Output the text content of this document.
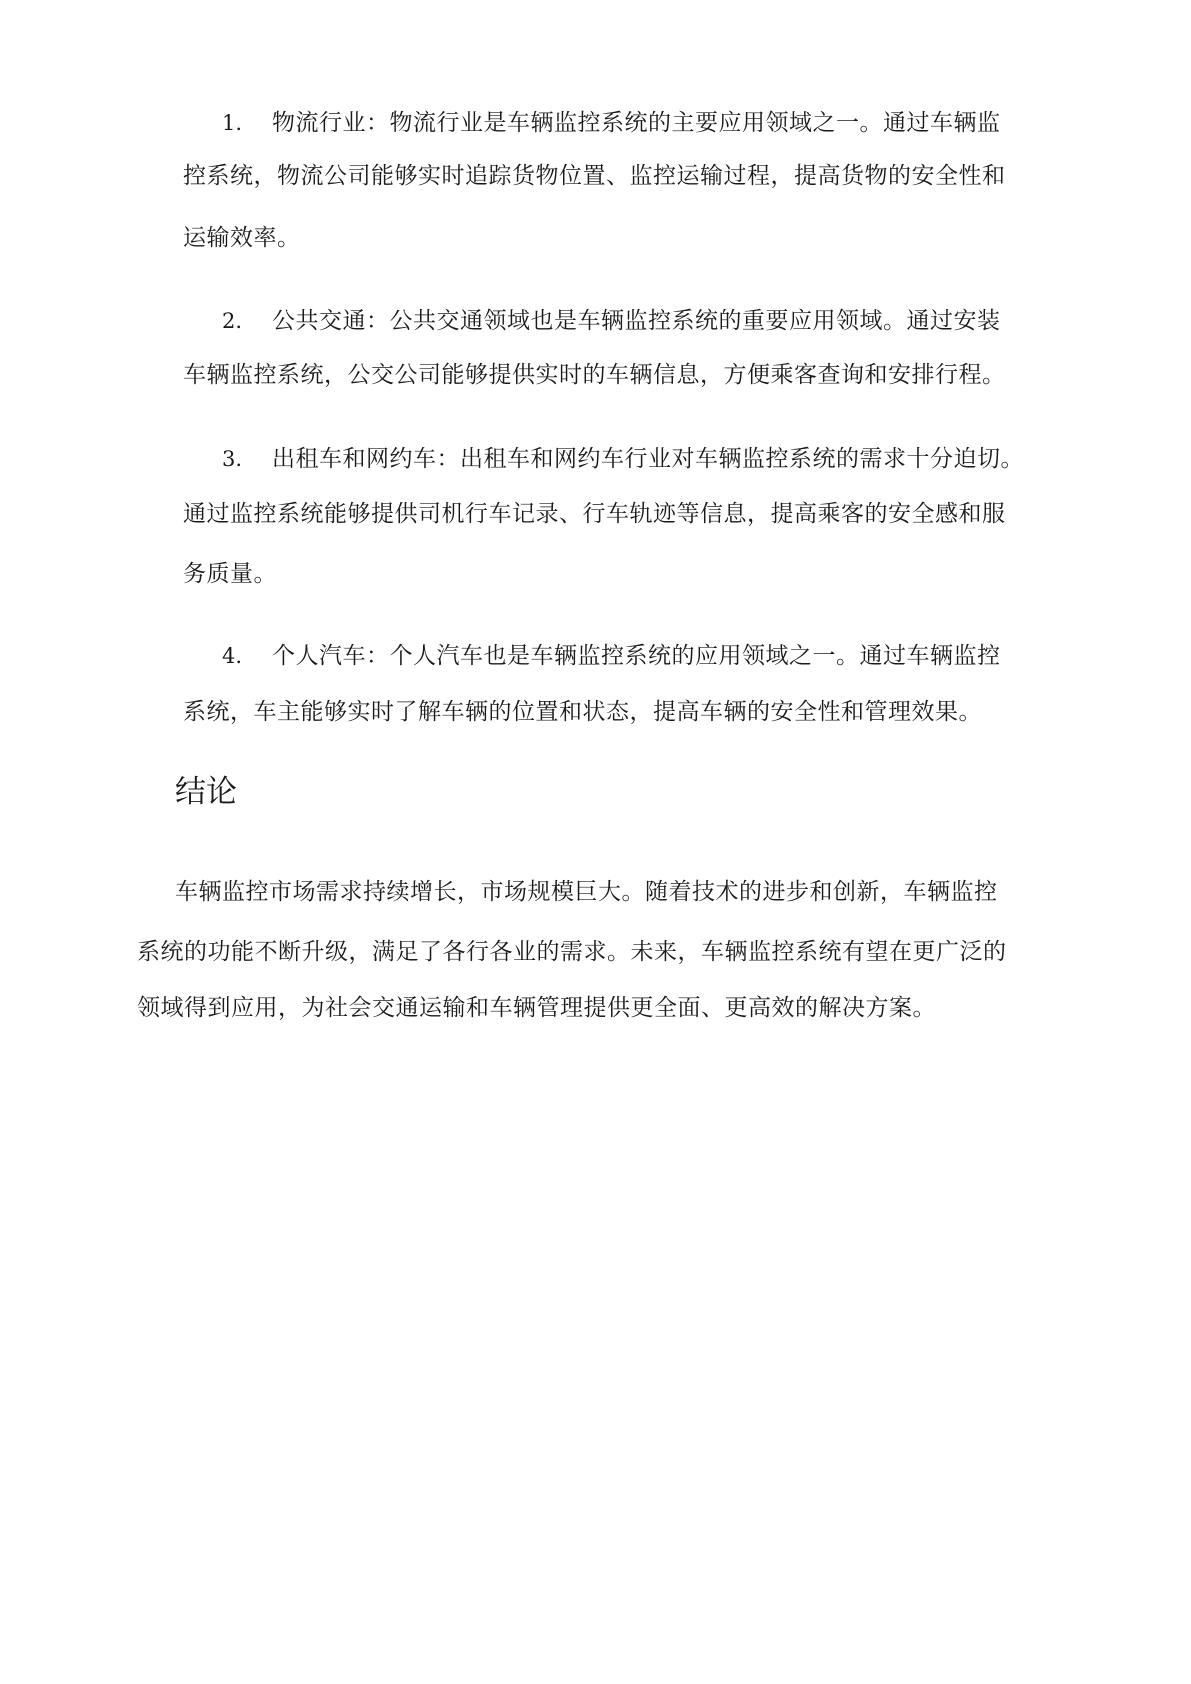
1. 物流行业：物流行业是车辆监控系统的主要应用领域之一。通过车辆监
控系统，物流公司能够实时追踪货物位置、监控运输过程，提高货物的安全性和
运输效率。
2. 公共交通：公共交通领域也是车辆监控系统的重要应用领域。通过安装
车辆监控系统，公交公司能够提供实时的车辆信息，方便乘客查询和安排行程。
3. 出租车和网约车：出租车和网约车行业对车辆监控系统的需求十分迫切。
通过监控系统能够提供司机行车记录、行车轨迹等信息，提高乘客的安全感和服
务质量。
4. 个人汽车：个人汽车也是车辆监控系统的应用领域之一。通过车辆监控
系统，车主能够实时了解车辆的位置和状态，提高车辆的安全性和管理效果。
结论
车辆监控市场需求持续增长，市场规模巨大。随着技术的进步和创新，车辆监控
系统的功能不断升级，满足了各行各业的需求。未来，车辆监控系统有望在更广泛的
领域得到应用，为社会交通运输和车辆管理提供更全面、更高效的解决方案。
